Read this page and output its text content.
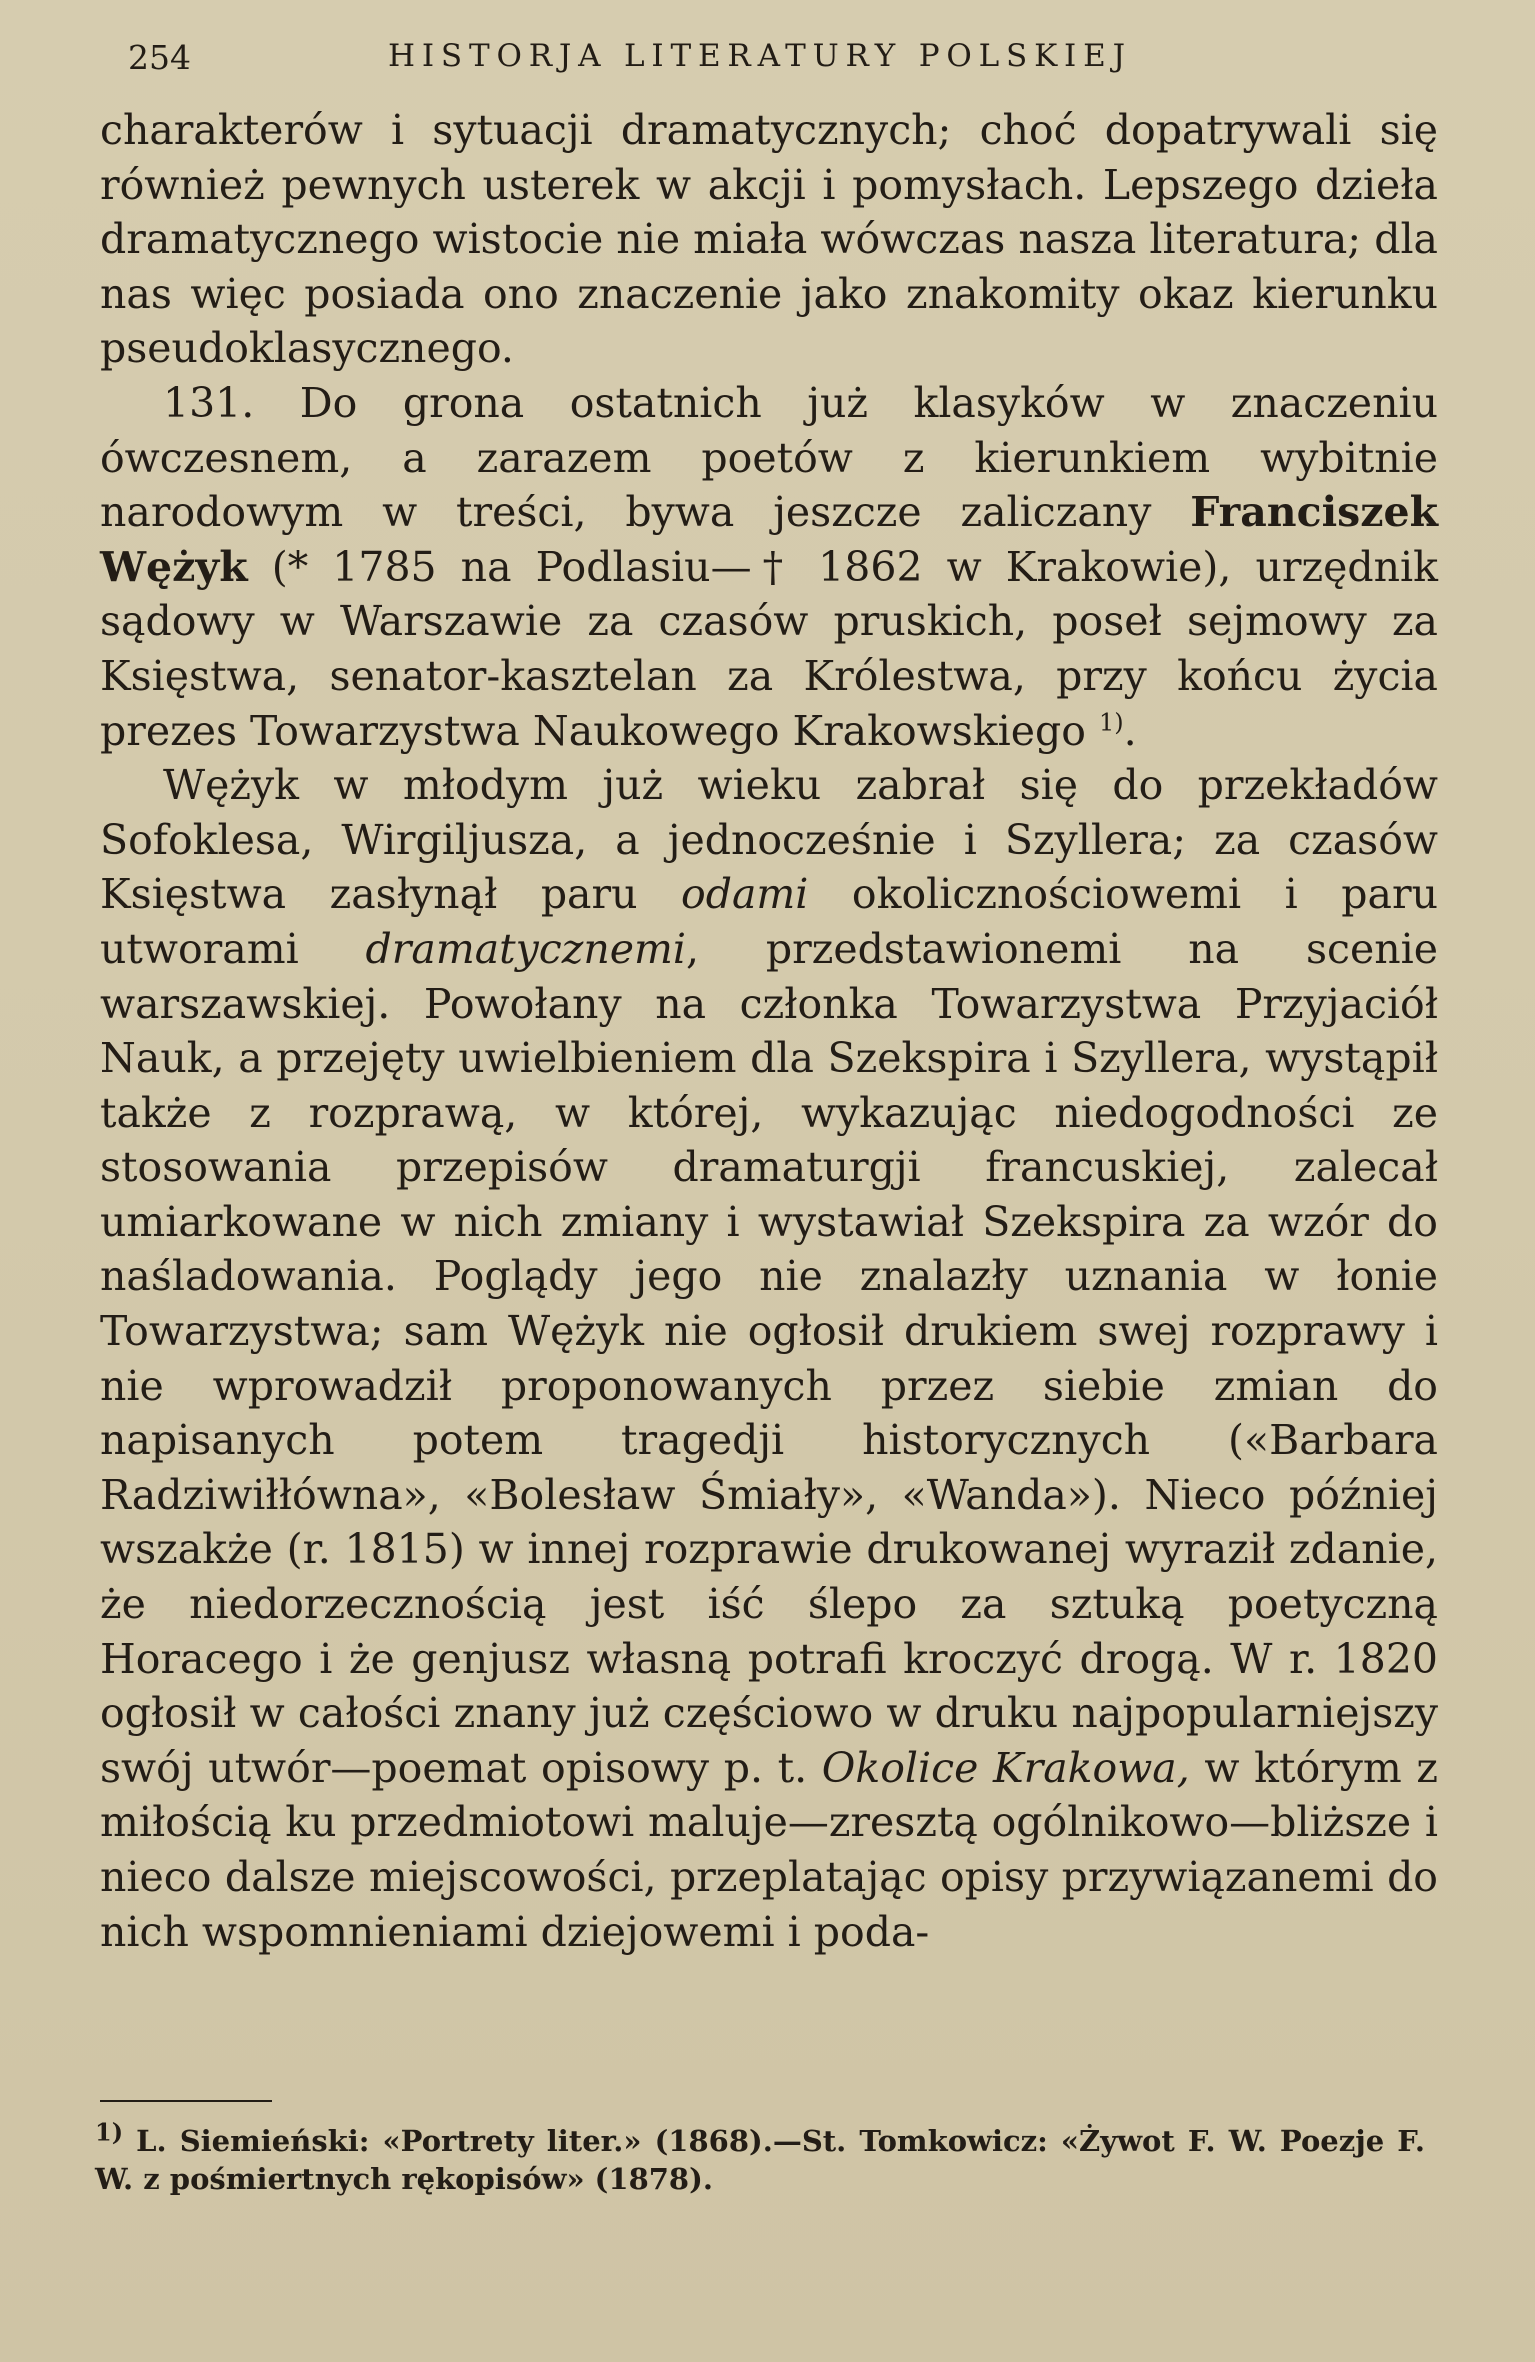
254	HISTORJA LITERATURY POLSKIEJ

charakterów i sytuacji dramatycznych; choć dopatrywali się również pewnych usterek w akcji i pomysłach. Lepszego dzieła dramatycznego wistocie nie miała wówczas nasza literatura; dla nas więc posiada ono znaczenie jako znakomity okaz kierunku pseudoklasycznego.

131. Do grona ostatnich już klasyków w znaczeniu ówczesnem, a zarazem poetów z kierunkiem wybitnie narodowym w treści, bywa jeszcze zaliczany Franciszek Wężyk (* 1785 na Podlasiu—† 1862 w Krakowie), urzędnik sądowy w Warszawie za czasów pruskich, poseł sejmowy za Księstwa, senator-kasztelan za Królestwa, przy końcu życia prezes Towarzystwa Naukowego Krakowskiego $^{1)}$.

Wężyk w młodym już wieku zabrał się do przekładów Sofoklesa, Wirgiljusza, a jednocześnie i Szyllera; za czasów Księstwa zasłynął paru odami okolicznościowemi i paru utworami dramatycznemi, przedstawionemi na scenie warszawskiej. Powołany na członka Towarzystwa Przyjaciół Nauk, a przejęty uwielbieniem dla Szekspira i Szyllera, wystąpił także z rozprawą, w której, wykazując niedogodności ze stosowania przepisów dramaturgji francuskiej, zalecał umiarkowane w nich zmiany i wystawiał Szekspira za wzór do naśladowania. Poglądy jego nie znalazły uznania w łonie Towarzystwa; sam Wężyk nie ogłosił drukiem swej rozprawy i nie wprowadził proponowanych przez siebie zmian do napisanych potem tragedji historycznych («Barbara Radziwiłłówna», «Bolesław Śmiały», «Wanda»). Nieco później wszakże (r. 1815) w innej rozprawie drukowanej wyraził zdanie, że niedorzecznością jest iść ślepo za sztuką poetyczną Horacego i że genjusz własną potrafi kroczyć drogą. W r. 1820 ogłosił w całości znany już częściowo w druku najpopularniejszy swój utwór—poemat opisowy p. t. Okolice Krakowa, w którym z miłością ku przedmiotowi maluje—zresztą ogólnikowo—bliższe i nieco dalsze miejscowości, przeplatając opisy przywiązanemi do nich wspomnieniami dziejowemi i poda-

$^{1)}$ L. Siemieński: «Portrety liter.» (1868).—St. Tomkowicz: «Żywot F. W. Poezje F. W. z pośmiertnych rękopisów» (1878).
